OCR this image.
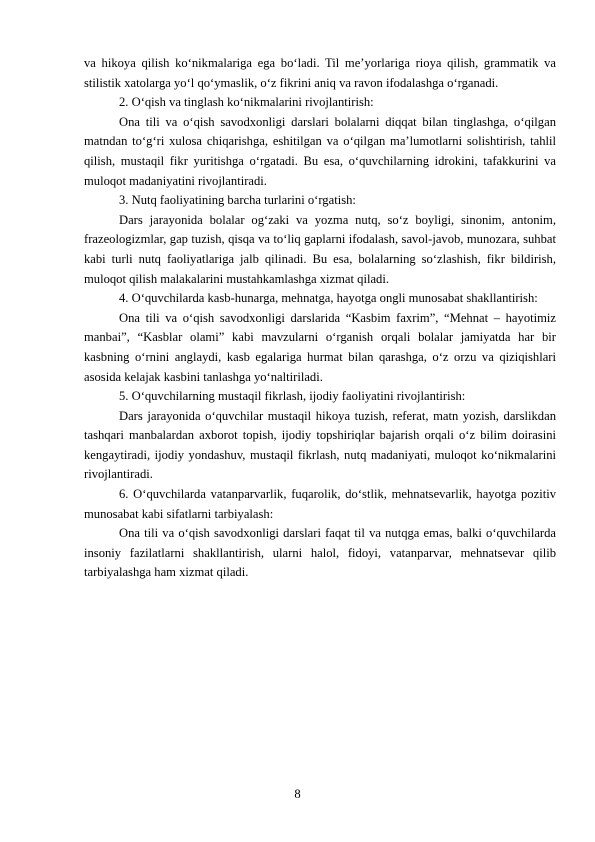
va hikoya qilish ko‘nikmalariga ega bo‘ladi. Til me’yorlariga rioya qilish, grammatik va stilistik xatolarga yo‘l qo‘ymaslik, o‘z fikrini aniq va ravon ifodalashga o‘rganadi.

2. O‘qish va tinglash ko‘nikmalarini rivojlantirish:

Ona tili va o‘qish savodxonligi darslari bolalarni diqqat bilan tinglashga, o‘qilgan matndan to‘g‘ri xulosa chiqarishga, eshitilgan va o‘qilgan ma’lumotlarni solishtirish, tahlil qilish, mustaqil fikr yuritishga o‘rgatadi. Bu esa, o‘quvchilarning idrokini, tafakkurini va muloqot madaniyatini rivojlantiradi.

3. Nutq faoliyatining barcha turlarini o‘rgatish:

Dars jarayonida bolalar og‘zaki va yozma nutq, so‘z boyligi, sinonim, antonim, frazeologizmlar, gap tuzish, qisqa va to‘liq gaplarni ifodalash, savol-javob, munozara, suhbat kabi turli nutq faoliyatlariga jalb qilinadi. Bu esa, bolalarning so‘zlashish, fikr bildirish, muloqot qilish malakalarini mustahkamlashga xizmat qiladi.

4. O‘quvchilarda kasb-hunarga, mehnatga, hayotga ongli munosabat shakllantirish:

Ona tili va o‘qish savodxonligi darslarida “Kasbim faxrim”, “Mehnat – hayotimiz manbai”, “Kasblar olami” kabi mavzularni o‘rganish orqali bolalar jamiyatda har bir kasbning o‘rnini anglaydi, kasb egalariga hurmat bilan qarashga, o‘z orzu va qiziqishlari asosida kelajak kasbini tanlashga yo‘naltiriladi.

5. O‘quvchilarning mustaqil fikrlash, ijodiy faoliyatini rivojlantirish:

Dars jarayonida o‘quvchilar mustaqil hikoya tuzish, referat, matn yozish, darslikdan tashqari manbalardan axborot topish, ijodiy topshiriqlar bajarish orqali o‘z bilim doirasini kengaytiradi, ijodiy yondashuv, mustaqil fikrlash, nutq madaniyati, muloqot ko‘nikmalarini rivojlantiradi.

6. O‘quvchilarda vatanparvarlik, fuqarolik, do‘stlik, mehnatsevarlik, hayotga pozitiv munosabat kabi sifatlarni tarbiyalash:

Ona tili va o‘qish savodxonligi darslari faqat til va nutqga emas, balki o‘quvchilarda insoniy fazilatlarni shakllantirish, ularni halol, fidoyi, vatanparvar, mehnatsevar qilib tarbiyalashga ham xizmat qiladi.

8
